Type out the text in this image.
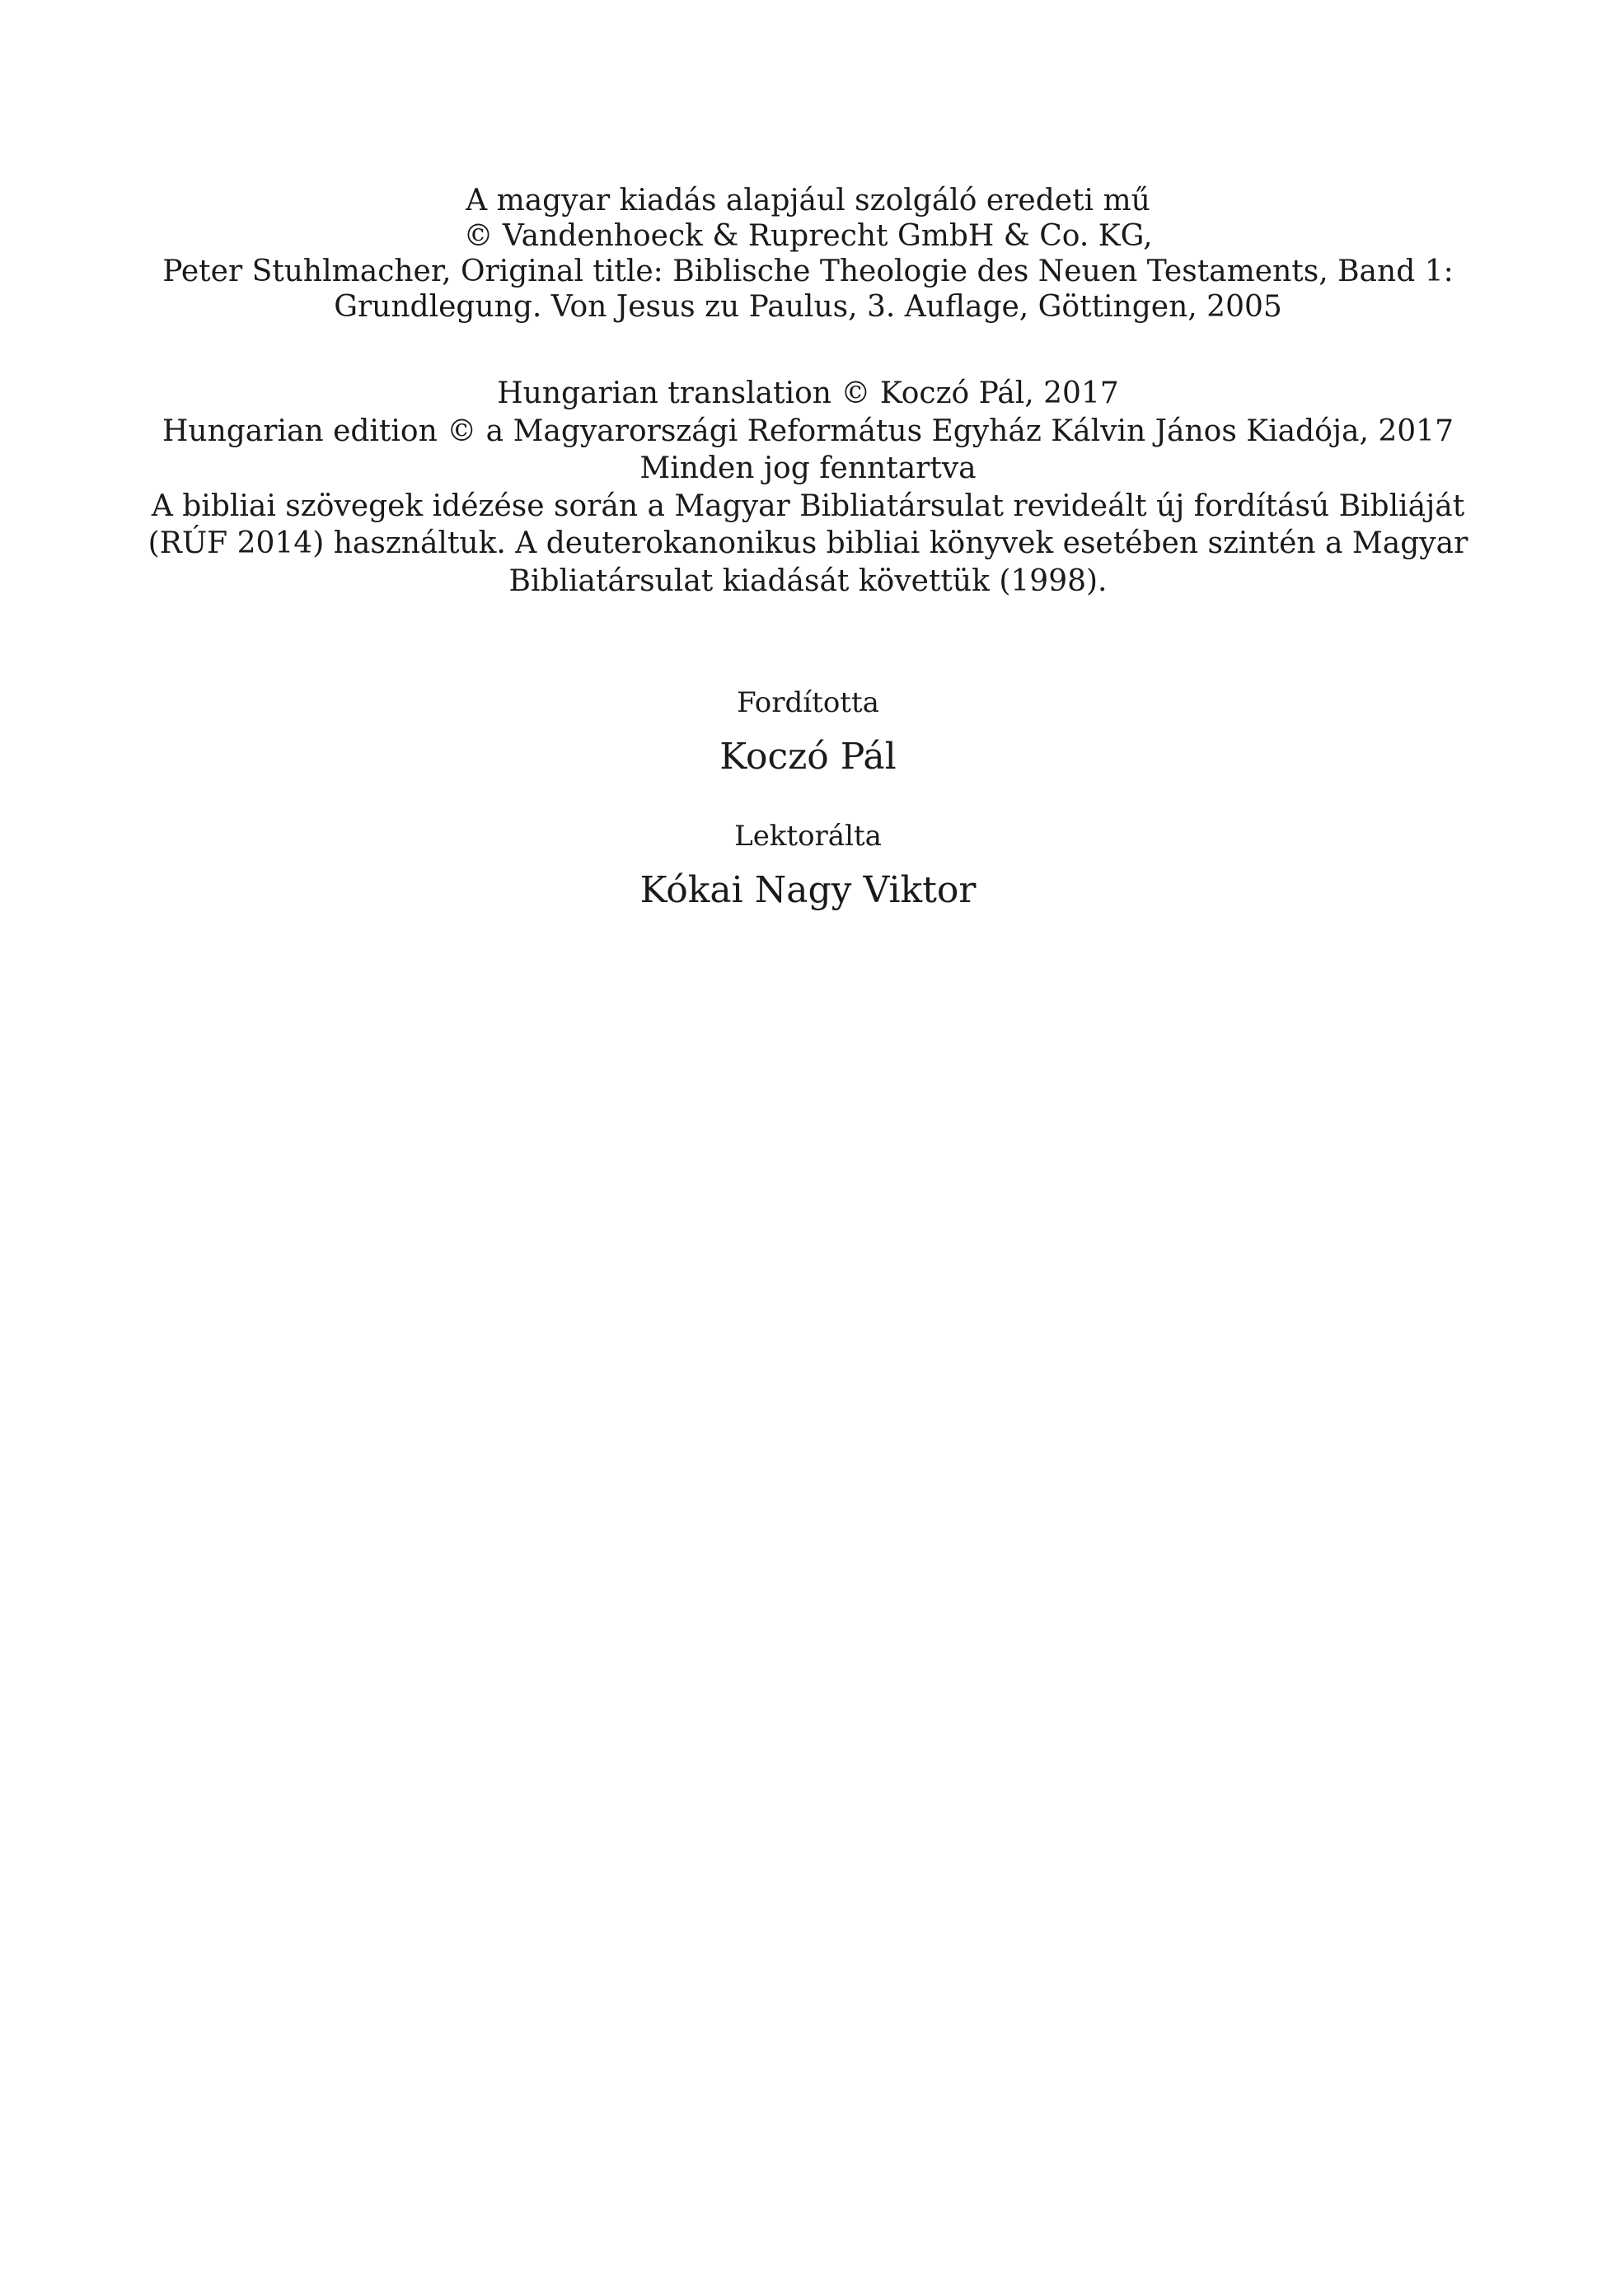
A magyar kiadás alapjául szolgáló eredeti mű
© Vandenhoeck & Ruprecht GmbH & Co. KG,
Peter Stuhlmacher, Original title: Biblische Theologie des Neuen Testaments, Band 1:
Grundlegung. Von Jesus zu Paulus, 3. Auflage, Göttingen, 2005
Hungarian translation © Koczó Pál, 2017
Hungarian edition © a Magyarországi Református Egyház Kálvin János Kiadója, 2017
Minden jog fenntartva
A bibliai szövegek idézése során a Magyar Bibliatársulat revideált új fordítású Bibliáját
(RÚF 2014) használtuk. A deuterokanonikus bibliai könyvek esetében szintén a Magyar
Bibliatársulat kiadását követtük (1998).
Fordította
Koczó Pál
Lektorálta
Kókai Nagy Viktor
